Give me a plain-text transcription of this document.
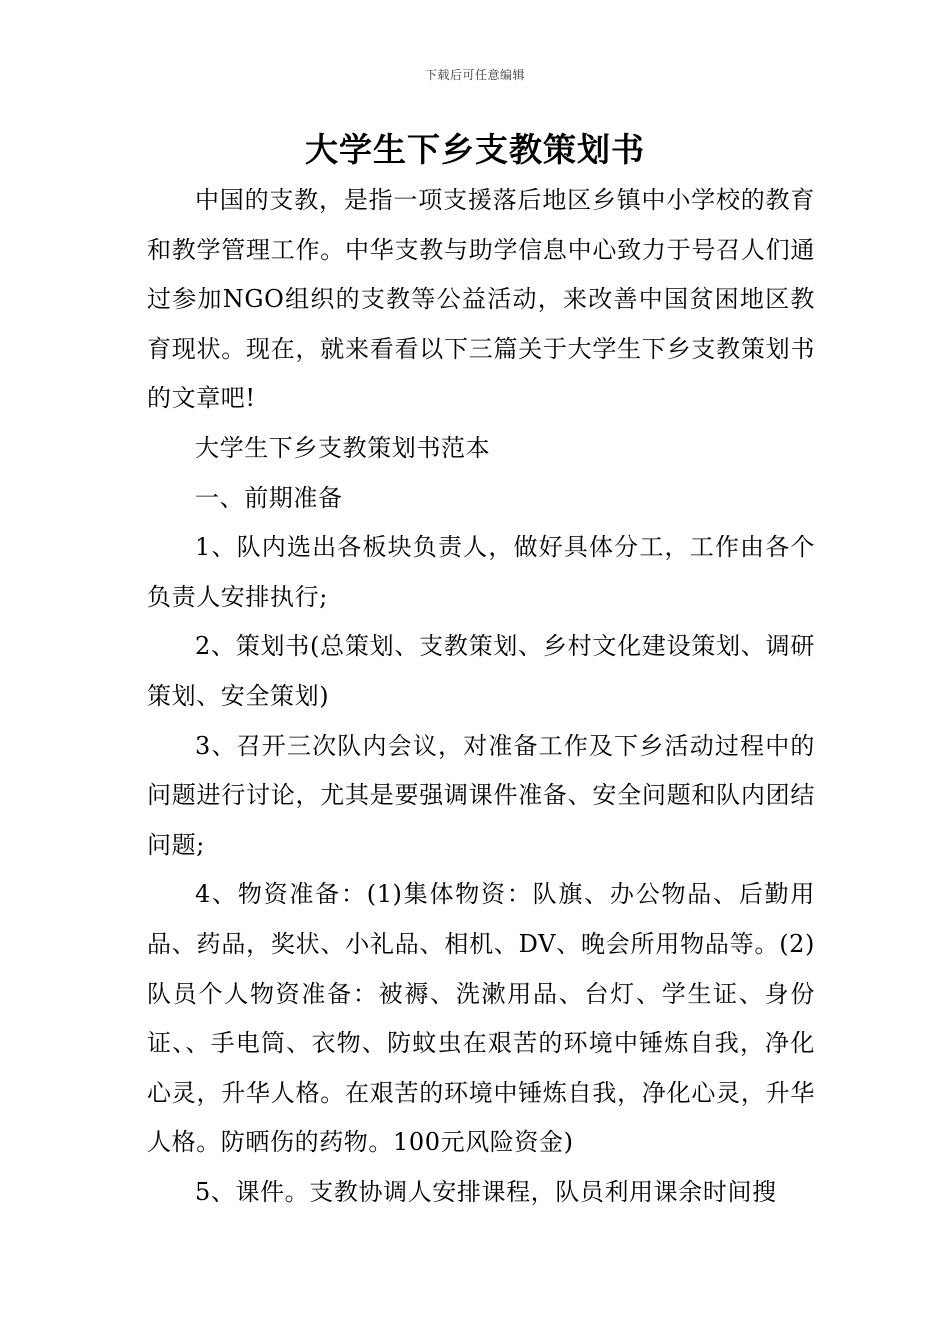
下载后可任意编辑
大学生下乡支教策划书

中国的支教，是指一项支援落后地区乡镇中小学校的教育和教学管理工作。中华支教与助学信息中心致力于号召人们通过参加NGO组织的支教等公益活动，来改善中国贫困地区教育现状。现在，就来看看以下三篇关于大学生下乡支教策划书的文章吧!

大学生下乡支教策划书范本

一、前期准备

1、队内选出各板块负责人，做好具体分工，工作由各个负责人安排执行;

2、策划书(总策划、支教策划、乡村文化建设策划、调研策划、安全策划)

3、召开三次队内会议，对准备工作及下乡活动过程中的问题进行讨论，尤其是要强调课件准备、安全问题和队内团结问题;

4、物资准备：(1)集体物资：队旗、办公物品、后勤用品、药品，奖状、小礼品、相机、DV、晚会所用物品等。(2)队员个人物资准备：被褥、洗漱用品、台灯、学生证、身份证、、手电筒、衣物、防蚊虫在艰苦的环境中锤炼自我，净化心灵，升华人格。在艰苦的环境中锤炼自我，净化心灵，升华人格。防晒伤的药物。100元风险资金)

5、课件。支教协调人安排课程，队员利用课余时间搜
